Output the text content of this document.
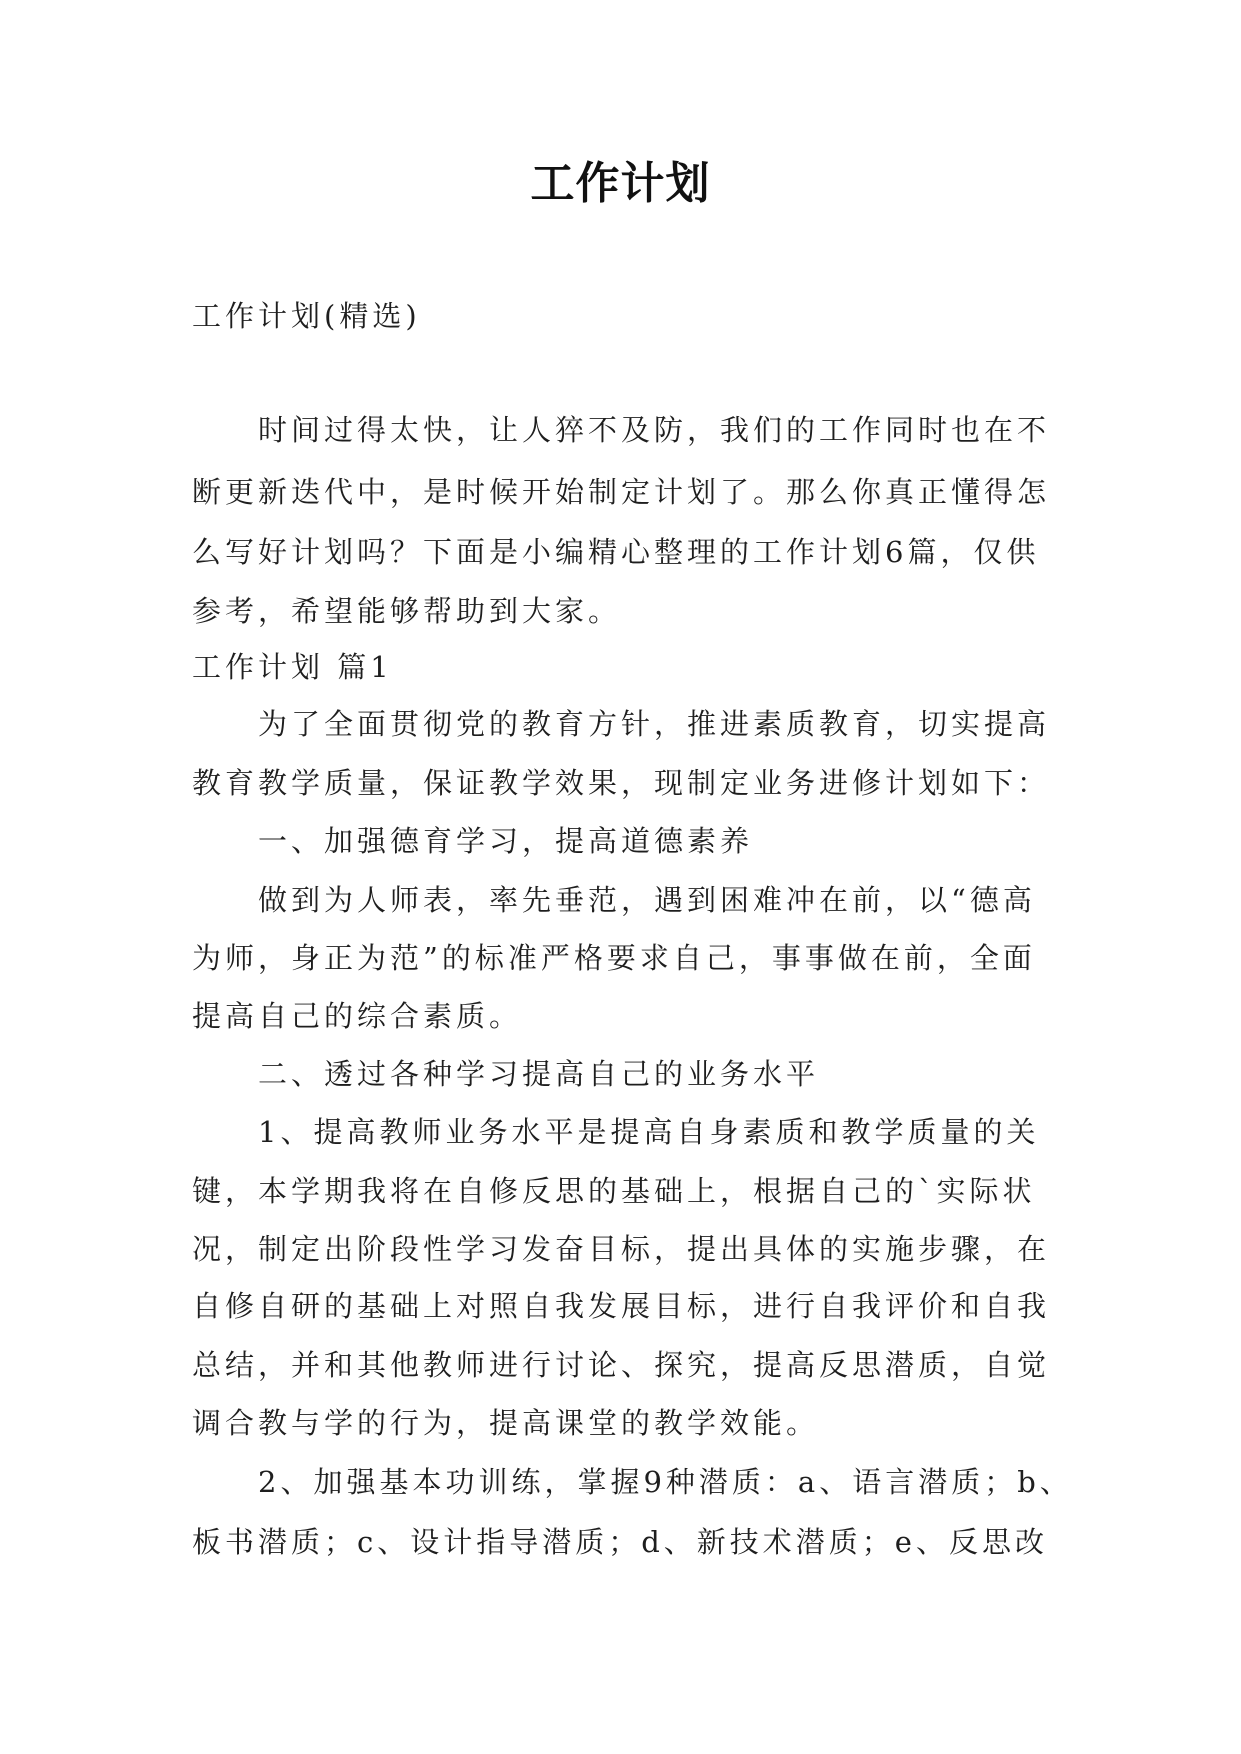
工作计划
工作计划(精选)
时间过得太快，让人猝不及防，我们的工作同时也在不
断更新迭代中，是时候开始制定计划了。那么你真正懂得怎
么写好计划吗？下面是小编精心整理的工作计划6篇，仅供
参考，希望能够帮助到大家。
工作计划 篇1
为了全面贯彻党的教育方针，推进素质教育，切实提高
教育教学质量，保证教学效果，现制定业务进修计划如下：
一、加强德育学习，提高道德素养
做到为人师表，率先垂范，遇到困难冲在前，以“德高
为师，身正为范”的标准严格要求自己，事事做在前，全面
提高自己的综合素质。
二、透过各种学习提高自己的业务水平
1、提高教师业务水平是提高自身素质和教学质量的关
键，本学期我将在自修反思的基础上，根据自己的`实际状
况，制定出阶段性学习发奋目标，提出具体的实施步骤，在
自修自研的基础上对照自我发展目标，进行自我评价和自我
总结，并和其他教师进行讨论、探究，提高反思潜质，自觉
调合教与学的行为，提高课堂的教学效能。
2、加强基本功训练，掌握9种潜质：a、语言潜质；b、
板书潜质；c、设计指导潜质；d、新技术潜质；e、反思改
